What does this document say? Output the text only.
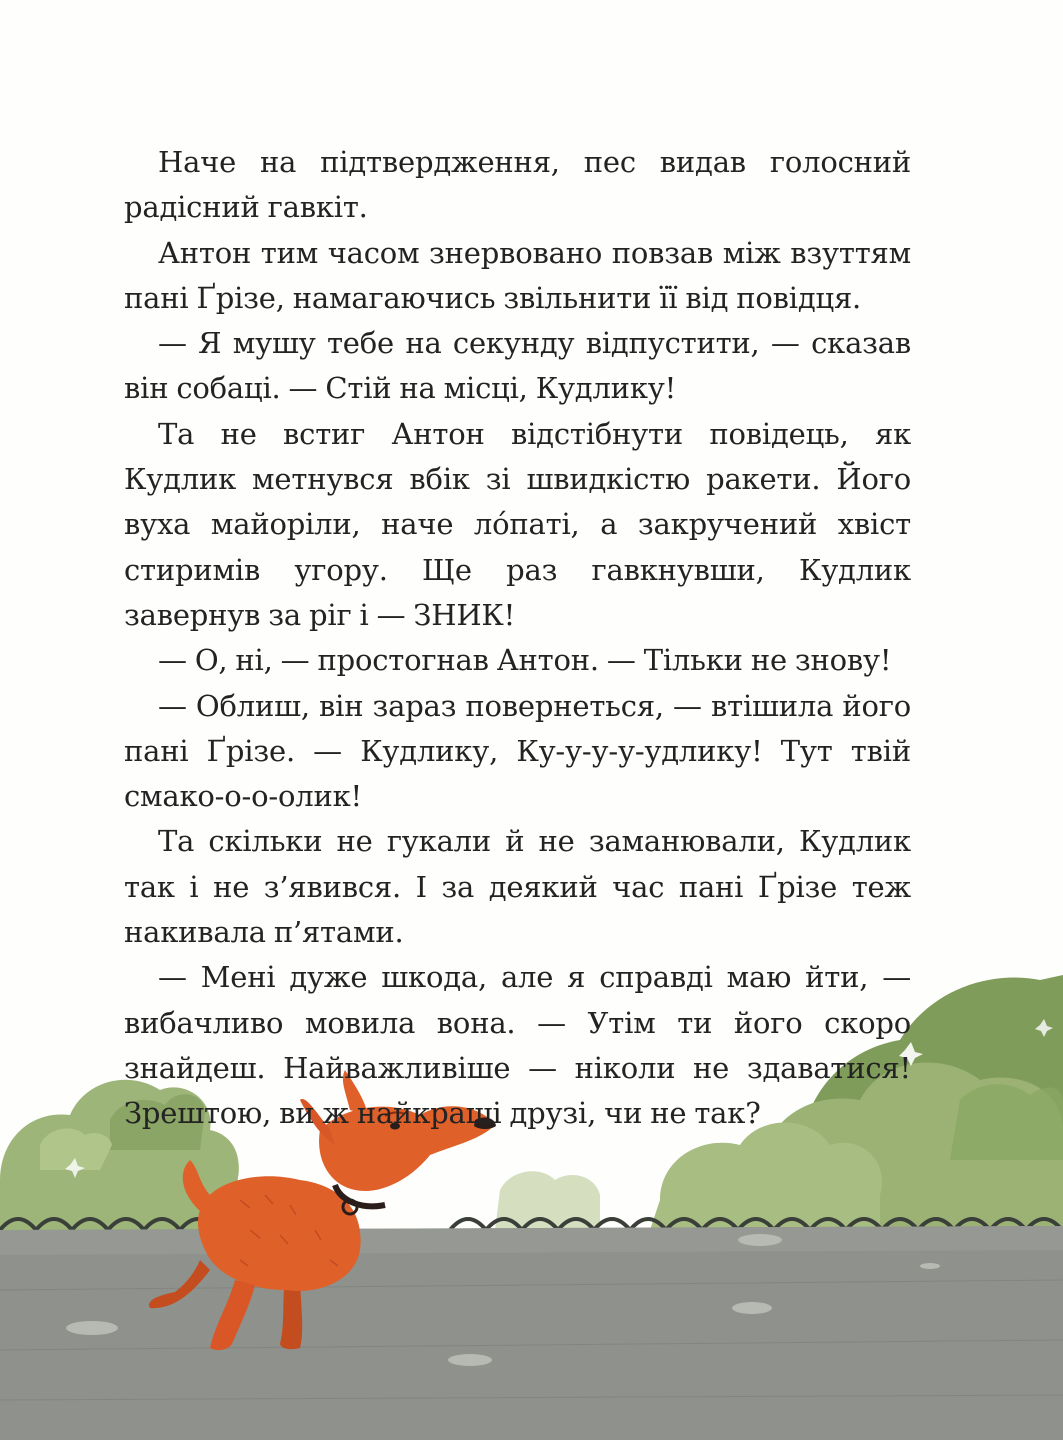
Наче на підтвердження, пес видав голосний радісний гавкіт.

Антон тим часом знервовано повзав між взуттям пані Ґрізе, намагаючись звільнити її від повідця.

— Я мушу тебе на секунду відпустити, — сказав він собаці. — Стій на місці, Кудлику!

Та не встиг Антон відстібнути повідець, як Кудлик метнувся вбік зі швидкістю ракети. Його вуха майоріли, наче ло́паті, а закручений хвіст стиримів угору. Ще раз гавкнувши, Кудлик завернув за ріг і — ЗНИК!

— О, ні, — простогнав Антон. — Тільки не знову!

— Облиш, він зараз повернеться, — втішила його пані Ґрізе. — Кудлику, Ку-у-у-у-удлику! Тут твій смако-о-о-олик!

Та скільки не гукали й не заманювали, Кудлик так і не з’явився. І за деякий час пані Ґрізе теж накивала п’ятами.

— Мені дуже шкода, але я справді маю йти, — вибачливо мовила вона. — Утім ти його скоро знайдеш. Найважливіше — ніколи не здаватися! Зрештою, ви ж найкращі друзі, чи не так?
